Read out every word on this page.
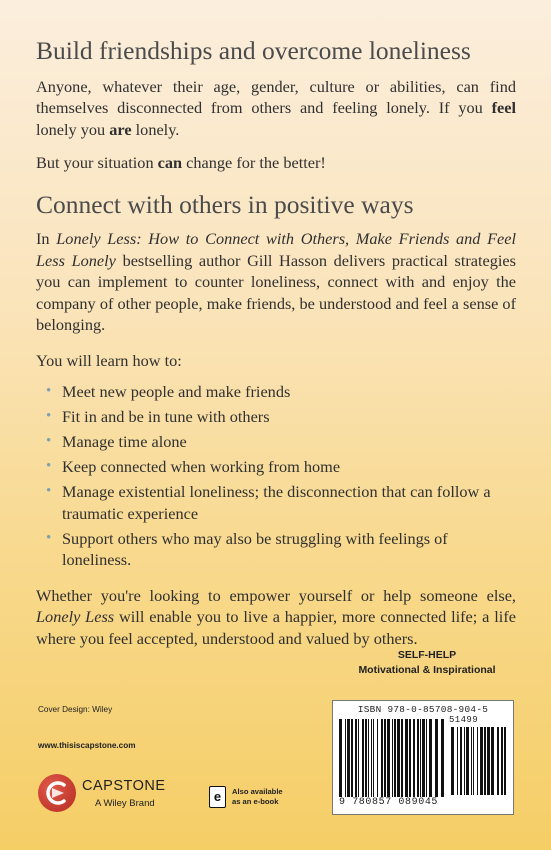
Build friendships and overcome loneliness

Anyone, whatever their age, gender, culture or abilities, can find themselves disconnected from others and feeling lonely. If you feel lonely you are lonely.

But your situation can change for the better!

Connect with others in positive ways

In Lonely Less: How to Connect with Others, Make Friends and Feel Less Lonely bestselling author Gill Hasson delivers practical strategies you can implement to counter loneliness, connect with and enjoy the company of other people, make friends, be understood and feel a sense of belonging.

You will learn how to:

• Meet new people and make friends
• Fit in and be in tune with others
• Manage time alone
• Keep connected when working from home
• Manage existential loneliness; the disconnection that can follow a traumatic experience
• Support others who may also be struggling with feelings of loneliness.

Whether you're looking to empower yourself or help someone else, Lonely Less will enable you to live a happier, more connected life; a life where you feel accepted, understood and valued by others.

SELF-HELP
Motivational & Inspirational
Cover Design: Wiley
www.thisiscapstone.com
CAPSTONE
A Wiley Brand	e	Also available
as an e-book
ISBN 978-0-85708-904-5
51499
9 780857 089045
